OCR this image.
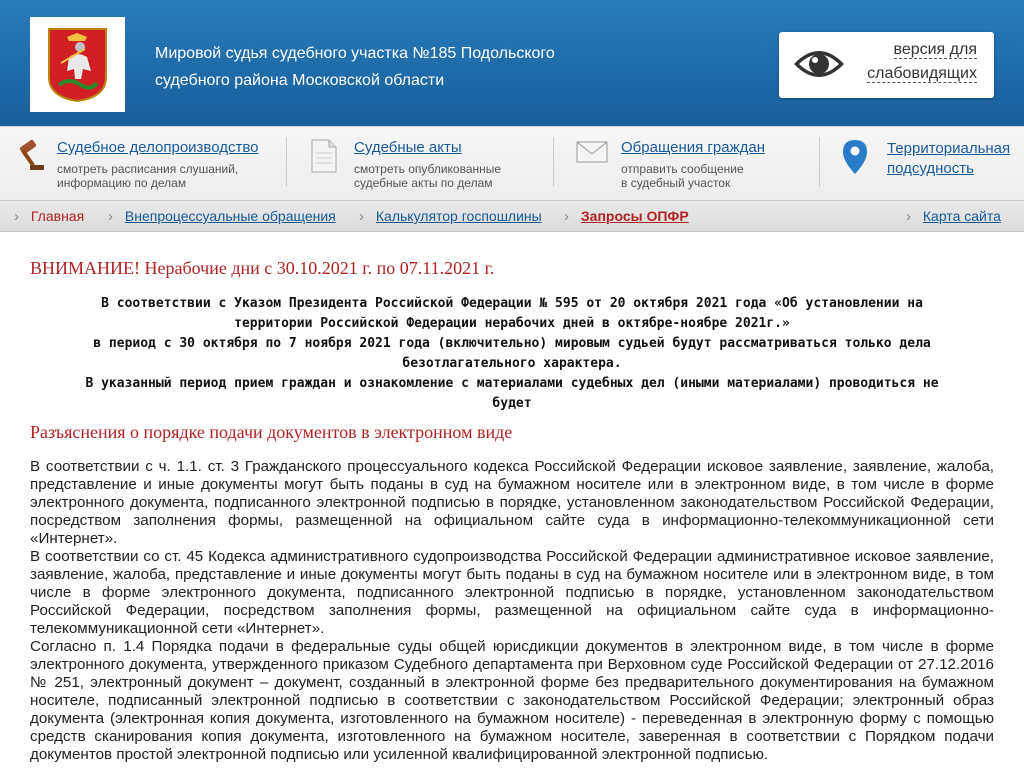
Мировой судья судебного участка №185 Подольского
судебного района Московской области
версия для
слабовидящих
Судебное делопроизводство
смотреть расписания слушаний,
информацию по делам
Судебные акты
смотреть опубликованные
судебные акты по делам
Обращения граждан
отправить сообщение
в судебный участок
Территориальная
подсудность
› Главная	› Внепроцессуальные обращения	› Калькулятор госпошлины	› Запросы ОПФР	› Карта сайта
ВНИМАНИЕ! Нерабочие дни с 30.10.2021 г. по 07.11.2021 г.
В соответствии с Указом Президента Российской Федерации № 595 от 20 октября 2021 года «Об установлении на
территории Российской Федерации нерабочих дней в октябре-ноябре 2021г.»
в период с 30 октября по 7 ноября 2021 года (включительно) мировым судьей будут рассматриваться только дела
безотлагательного характера.
В указанный период прием граждан и ознакомление с материалами судебных дел (иными материалами) проводиться не
будет
Разъяснения о порядке подачи документов в электронном виде

В соответствии с ч. 1.1. ст. 3 Гражданского процессуального кодекса Российской Федерации исковое заявление, заявление, жалоба, представление и иные документы могут быть поданы в суд на бумажном носителе или в электронном виде, в том числе в форме электронного документа, подписанного электронной подписью в порядке, установленном законодательством Российской Федерации, посредством заполнения формы, размещенной на официальном сайте суда в информационно-телекоммуникационной сети «Интернет».

В соответствии со ст. 45 Кодекса административного судопроизводства Российской Федерации административное исковое заявление, заявление, жалоба, представление и иные документы могут быть поданы в суд на бумажном носителе или в электронном виде, в том числе в форме электронного документа, подписанного электронной подписью в порядке, установленном законодательством Российской Федерации, посредством заполнения формы, размещенной на официальном сайте суда в информационно-телекоммуникационной сети «Интернет».

Согласно п. 1.4 Порядка подачи в федеральные суды общей юрисдикции документов в электронном виде, в том числе в форме электронного документа, утвержденного приказом Судебного департамента при Верховном суде Российской Федерации от 27.12.2016 № 251, электронный документ – документ, созданный в электронной форме без предварительного документирования на бумажном носителе, подписанный электронной подписью в соответствии с законодательством Российской Федерации; электронный образ документа (электронная копия документа, изготовленного на бумажном носителе) - переведенная в электронную форму с помощью средств сканирования копия документа, изготовленного на бумажном носителе, заверенная в соответствии с Порядком подачи документов простой электронной подписью или усиленной квалифицированной электронной подписью.
